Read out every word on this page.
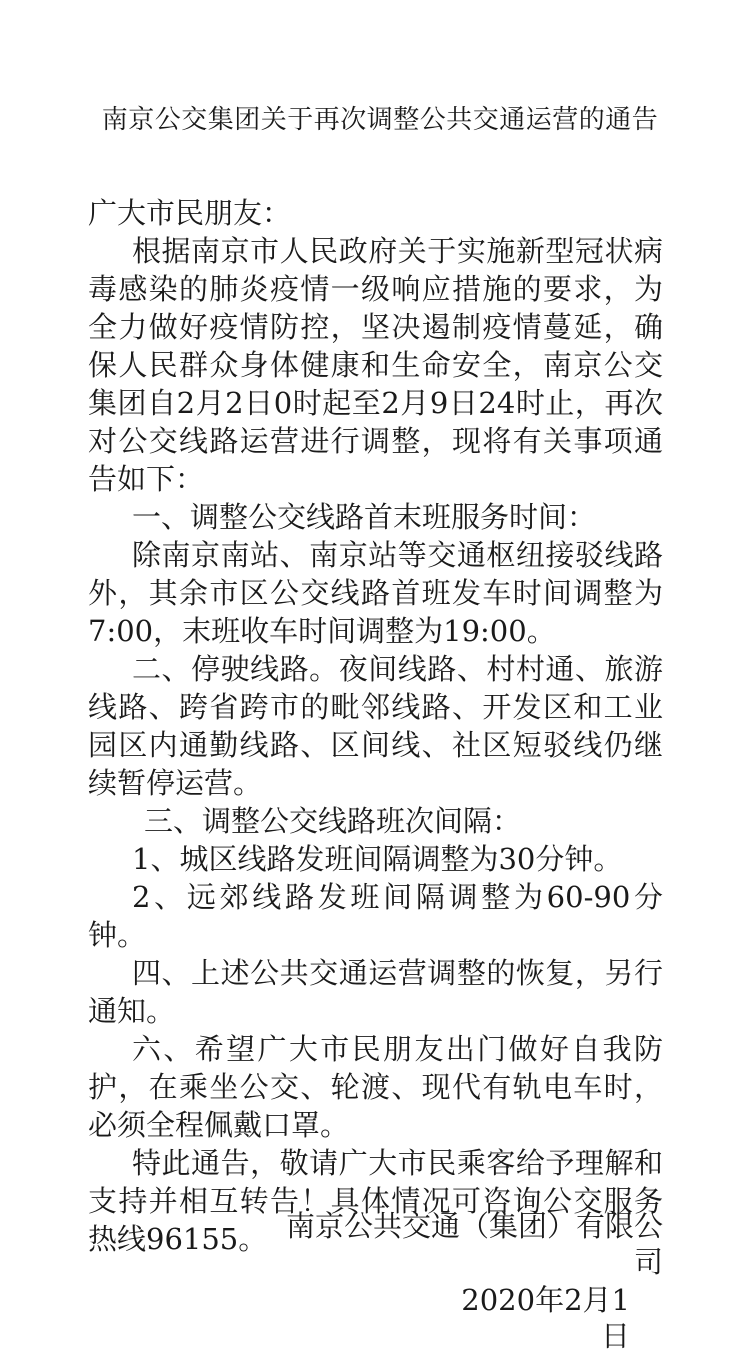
南京公交集团关于再次调整公共交通运营的通告

广大市民朋友：

根据南京市人民政府关于实施新型冠状病毒感染的肺炎疫情一级响应措施的要求，为全力做好疫情防控，坚决遏制疫情蔓延，确保人民群众身体健康和生命安全，南京公交集团自2月2日0时起至2月9日24时止，再次对公交线路运营进行调整，现将有关事项通告如下：

一、调整公交线路首末班服务时间：

除南京南站、南京站等交通枢纽接驳线路外，其余市区公交线路首班发车时间调整为7:00，末班收车时间调整为19:00。

二、停驶线路。夜间线路、村村通、旅游线路、跨省跨市的毗邻线路、开发区和工业园区内通勤线路、区间线、社区短驳线仍继续暂停运营。

三、调整公交线路班次间隔：

1、城区线路发班间隔调整为30分钟。

2、远郊线路发班间隔调整为60-90分钟。

四、上述公共交通运营调整的恢复，另行通知。

六、希望广大市民朋友出门做好自我防护，在乘坐公交、轮渡、现代有轨电车时，必须全程佩戴口罩。

特此通告，敬请广大市民乘客给予理解和支持并相互转告！具体情况可咨询公交服务热线96155。 南京公共交通（集团）有限公司
2020年2月1日
